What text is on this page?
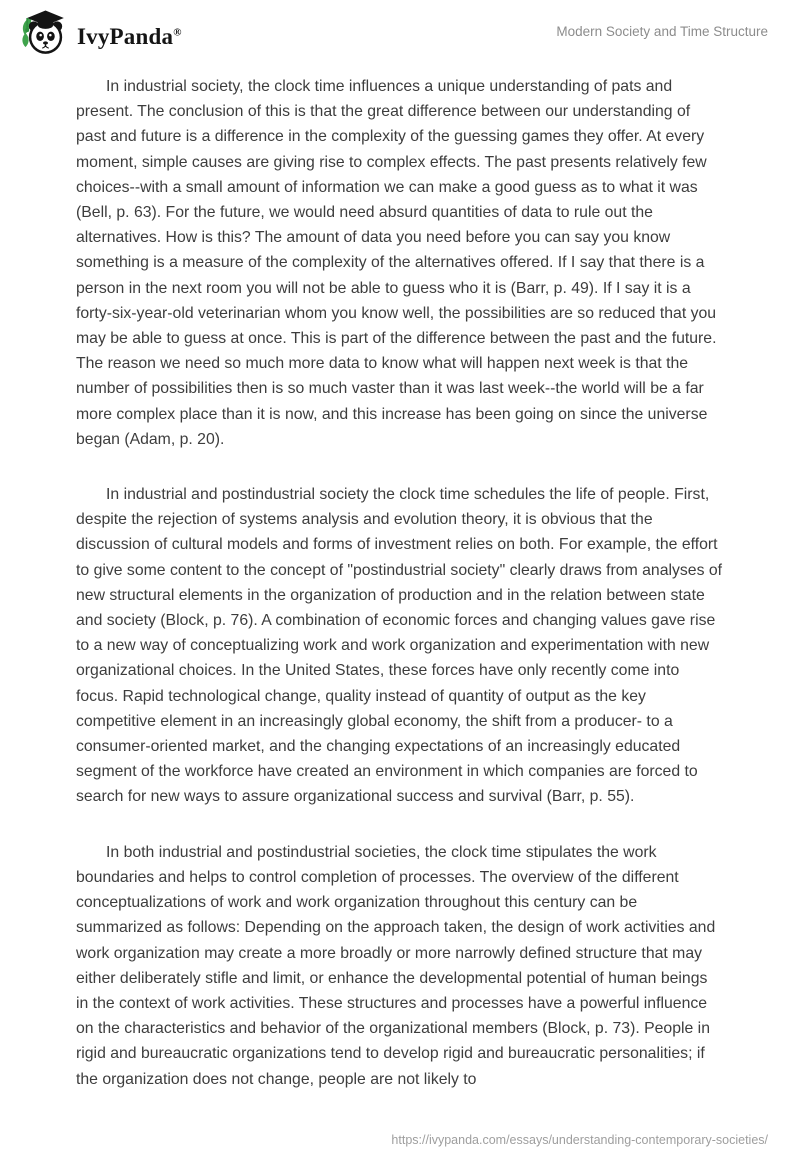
IvyPanda®	Modern Society and Time Structure

In industrial society, the clock time influences a unique understanding of pats and present. The conclusion of this is that the great difference between our understanding of past and future is a difference in the complexity of the guessing games they offer. At every moment, simple causes are giving rise to complex effects. The past presents relatively few choices--with a small amount of information we can make a good guess as to what it was (Bell, p. 63). For the future, we would need absurd quantities of data to rule out the alternatives. How is this? The amount of data you need before you can say you know something is a measure of the complexity of the alternatives offered. If I say that there is a person in the next room you will not be able to guess who it is (Barr, p. 49). If I say it is a forty-six-year-old veterinarian whom you know well, the possibilities are so reduced that you may be able to guess at once. This is part of the difference between the past and the future. The reason we need so much more data to know what will happen next week is that the number of possibilities then is so much vaster than it was last week--the world will be a far more complex place than it is now, and this increase has been going on since the universe began (Adam, p. 20).

In industrial and postindustrial society the clock time schedules the life of people. First, despite the rejection of systems analysis and evolution theory, it is obvious that the discussion of cultural models and forms of investment relies on both. For example, the effort to give some content to the concept of "postindustrial society" clearly draws from analyses of new structural elements in the organization of production and in the relation between state and society (Block, p. 76). A combination of economic forces and changing values gave rise to a new way of conceptualizing work and work organization and experimentation with new organizational choices. In the United States, these forces have only recently come into focus. Rapid technological change, quality instead of quantity of output as the key competitive element in an increasingly global economy, the shift from a producer- to a consumer-oriented market, and the changing expectations of an increasingly educated segment of the workforce have created an environment in which companies are forced to search for new ways to assure organizational success and survival (Barr, p. 55).

In both industrial and postindustrial societies, the clock time stipulates the work boundaries and helps to control completion of processes. The overview of the different conceptualizations of work and work organization throughout this century can be summarized as follows: Depending on the approach taken, the design of work activities and work organization may create a more broadly or more narrowly defined structure that may either deliberately stifle and limit, or enhance the developmental potential of human beings in the context of work activities. These structures and processes have a powerful influence on the characteristics and behavior of the organizational members (Block, p. 73). People in rigid and bureaucratic organizations tend to develop rigid and bureaucratic personalities; if the organization does not change, people are not likely to

https://ivypanda.com/essays/understanding-contemporary-societies/
